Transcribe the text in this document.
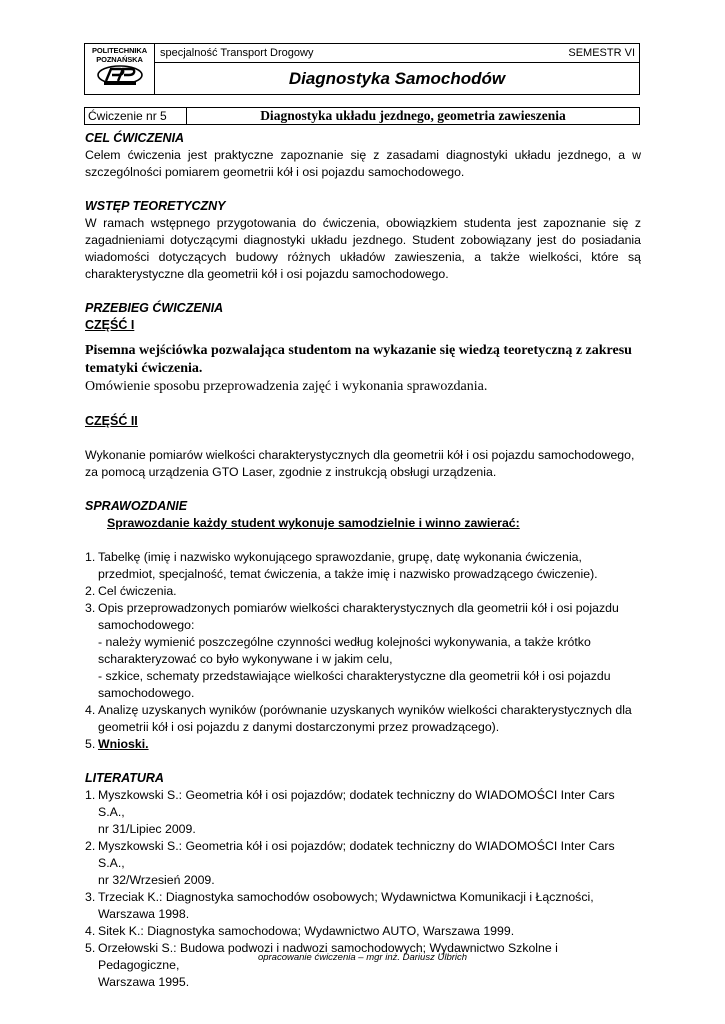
POLITECHNIKA
POZNAŃSKA
specjalność Transport Drogowy	SEMESTR VI
Diagnostyka Samochodów
Ćwiczenie nr 5	Diagnostyka układu jezdnego, geometria zawieszenia
CEL ĆWICZENIA
Celem ćwiczenia jest praktyczne zapoznanie się z zasadami diagnostyki układu jezdnego, a w szczególności pomiarem geometrii kół i osi pojazdu samochodowego.
WSTĘP TEORETYCZNY
W ramach wstępnego przygotowania do ćwiczenia, obowiązkiem studenta jest zapoznanie się z zagadnieniami dotyczącymi diagnostyki układu jezdnego. Student zobowiązany jest do posiadania wiadomości dotyczących budowy różnych układów zawieszenia, a także wielkości, które są charakterystyczne dla geometrii kół i osi pojazdu samochodowego.
PRZEBIEG ĆWICZENIA
CZĘŚĆ I
Pisemna wejściówka pozwalająca studentom na wykazanie się wiedzą teoretyczną z zakresu tematyki ćwiczenia.
Omówienie sposobu przeprowadzenia zajęć i wykonania sprawozdania.
CZĘŚĆ II
Wykonanie pomiarów wielkości charakterystycznych dla geometrii kół i osi pojazdu samochodowego, za pomocą urządzenia GTO Laser, zgodnie z instrukcją obsługi urządzenia.
SPRAWOZDANIE
Sprawozdanie każdy student wykonuje samodzielnie i winno zawierać:
1. Tabelkę (imię i nazwisko wykonującego sprawozdanie, grupę, datę wykonania ćwiczenia,
przedmiot, specjalność, temat ćwiczenia, a także imię i nazwisko prowadzącego ćwiczenie).
2. Cel ćwiczenia.
3. Opis przeprowadzonych pomiarów wielkości charakterystycznych dla geometrii kół i osi pojazdu
samochodowego:
- należy wymienić poszczególne czynności według kolejności wykonywania, a także krótko
scharakteryzować co było wykonywane i w jakim celu,
- szkice, schematy przedstawiające wielkości charakterystyczne dla geometrii kół i osi pojazdu
samochodowego.
4. Analizę uzyskanych wyników (porównanie uzyskanych wyników wielkości charakterystycznych dla
geometrii kół i osi pojazdu z danymi dostarczonymi przez prowadzącego).
5. Wnioski.
LITERATURA
1. Myszkowski S.: Geometria kół i osi pojazdów; dodatek techniczny do WIADOMOŚCI Inter Cars S.A.,
nr 31/Lipiec 2009.
2. Myszkowski S.: Geometria kół i osi pojazdów; dodatek techniczny do WIADOMOŚCI Inter Cars S.A.,
nr 32/Wrzesień 2009.
3. Trzeciak K.: Diagnostyka samochodów osobowych; Wydawnictwa Komunikacji i Łączności,
Warszawa 1998.
4. Sitek K.: Diagnostyka samochodowa; Wydawnictwo AUTO, Warszawa 1999.
5. Orzełowski S.: Budowa podwozi i nadwozi samochodowych; Wydawnictwo Szkolne i Pedagogiczne,
Warszawa 1995.
opracowanie ćwiczenia – mgr inż. Dariusz Ulbrich
